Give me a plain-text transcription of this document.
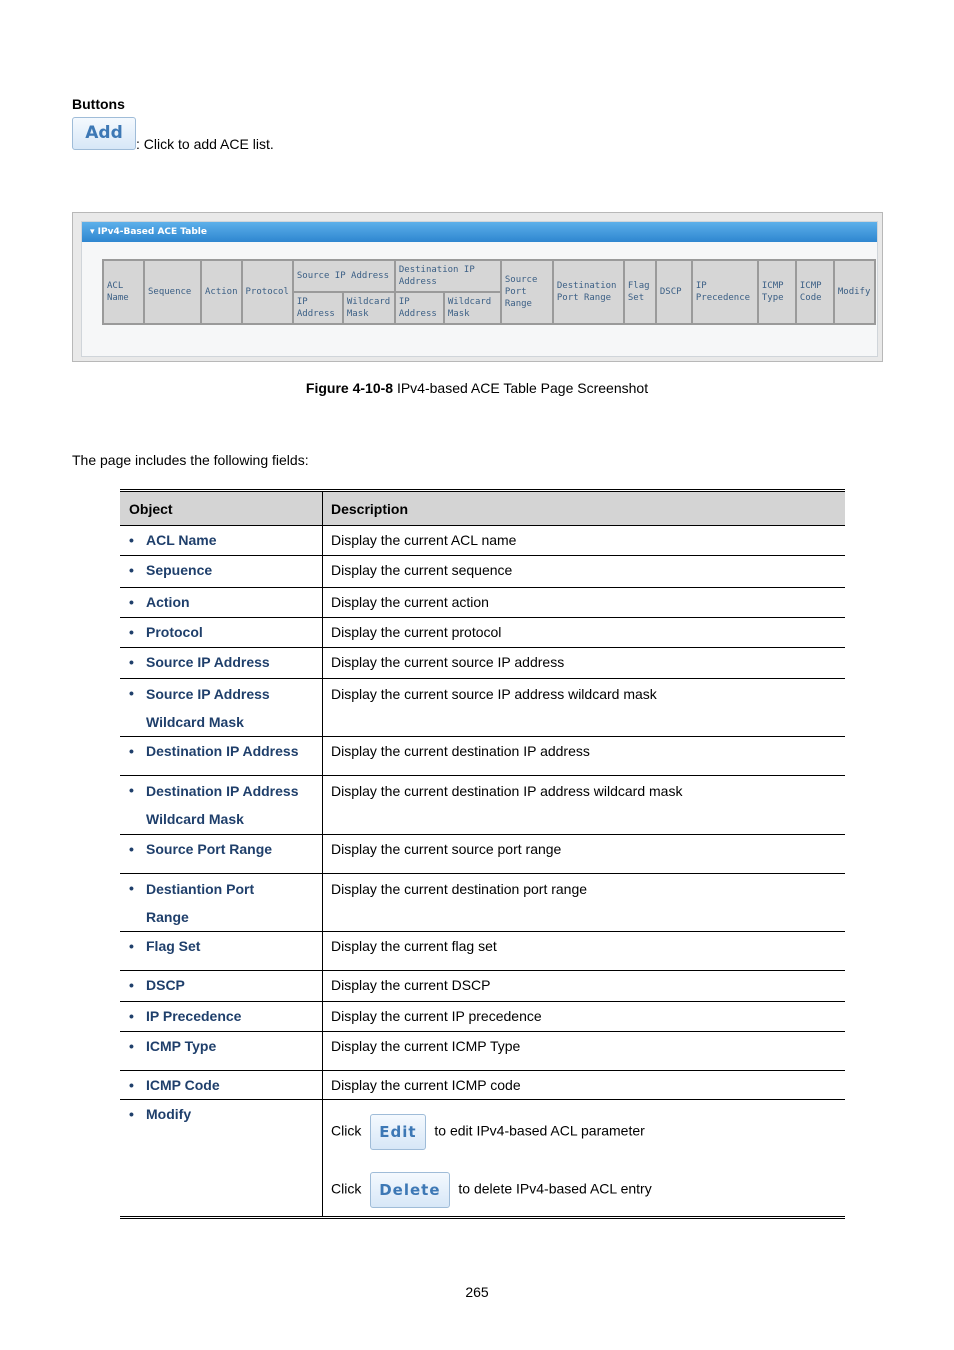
Buttons
Add
: Click to add ACE list.
▾ IPv4-Based ACE Table
ACL Name	Sequence	Action	Protocol	Source IP Address		Destination IP Address		Source Port Range	Destination Port Range	Flag Set	DSCP	IP Precedence	ICMP Type	ICMP Code	Modify
				IP Address	Wildcard Mask	IP Address	Wildcard Mask								
Figure 4-10-8 IPv4-based ACE Table Page Screenshot
The page includes the following fields:
Object	Description

• ACL Name	Display the current ACL name

• Sepuence	Display the current sequence

• Action	Display the current action

• Protocol	Display the current protocol

• Source IP Address	Display the current source IP address

• Source IP Address
Wildcard Mask	Display the current source IP address wildcard mask

• Destination IP Address	Display the current destination IP address

• Destination IP Address
Wildcard Mask	Display the current destination IP address wildcard mask

• Source Port Range	Display the current source port range

• Destiantion Port
Range	Display the current destination port range

• Flag Set	Display the current flag set

• DSCP	Display the current DSCP

• IP Precedence	Display the current IP precedence

• ICMP Type	Display the current ICMP Type

• ICMP Code	Display the current ICMP code

• Modify	Click Edit to edit IPv4-based ACL parameter
Click Delete to delete IPv4-based ACL entry
265
